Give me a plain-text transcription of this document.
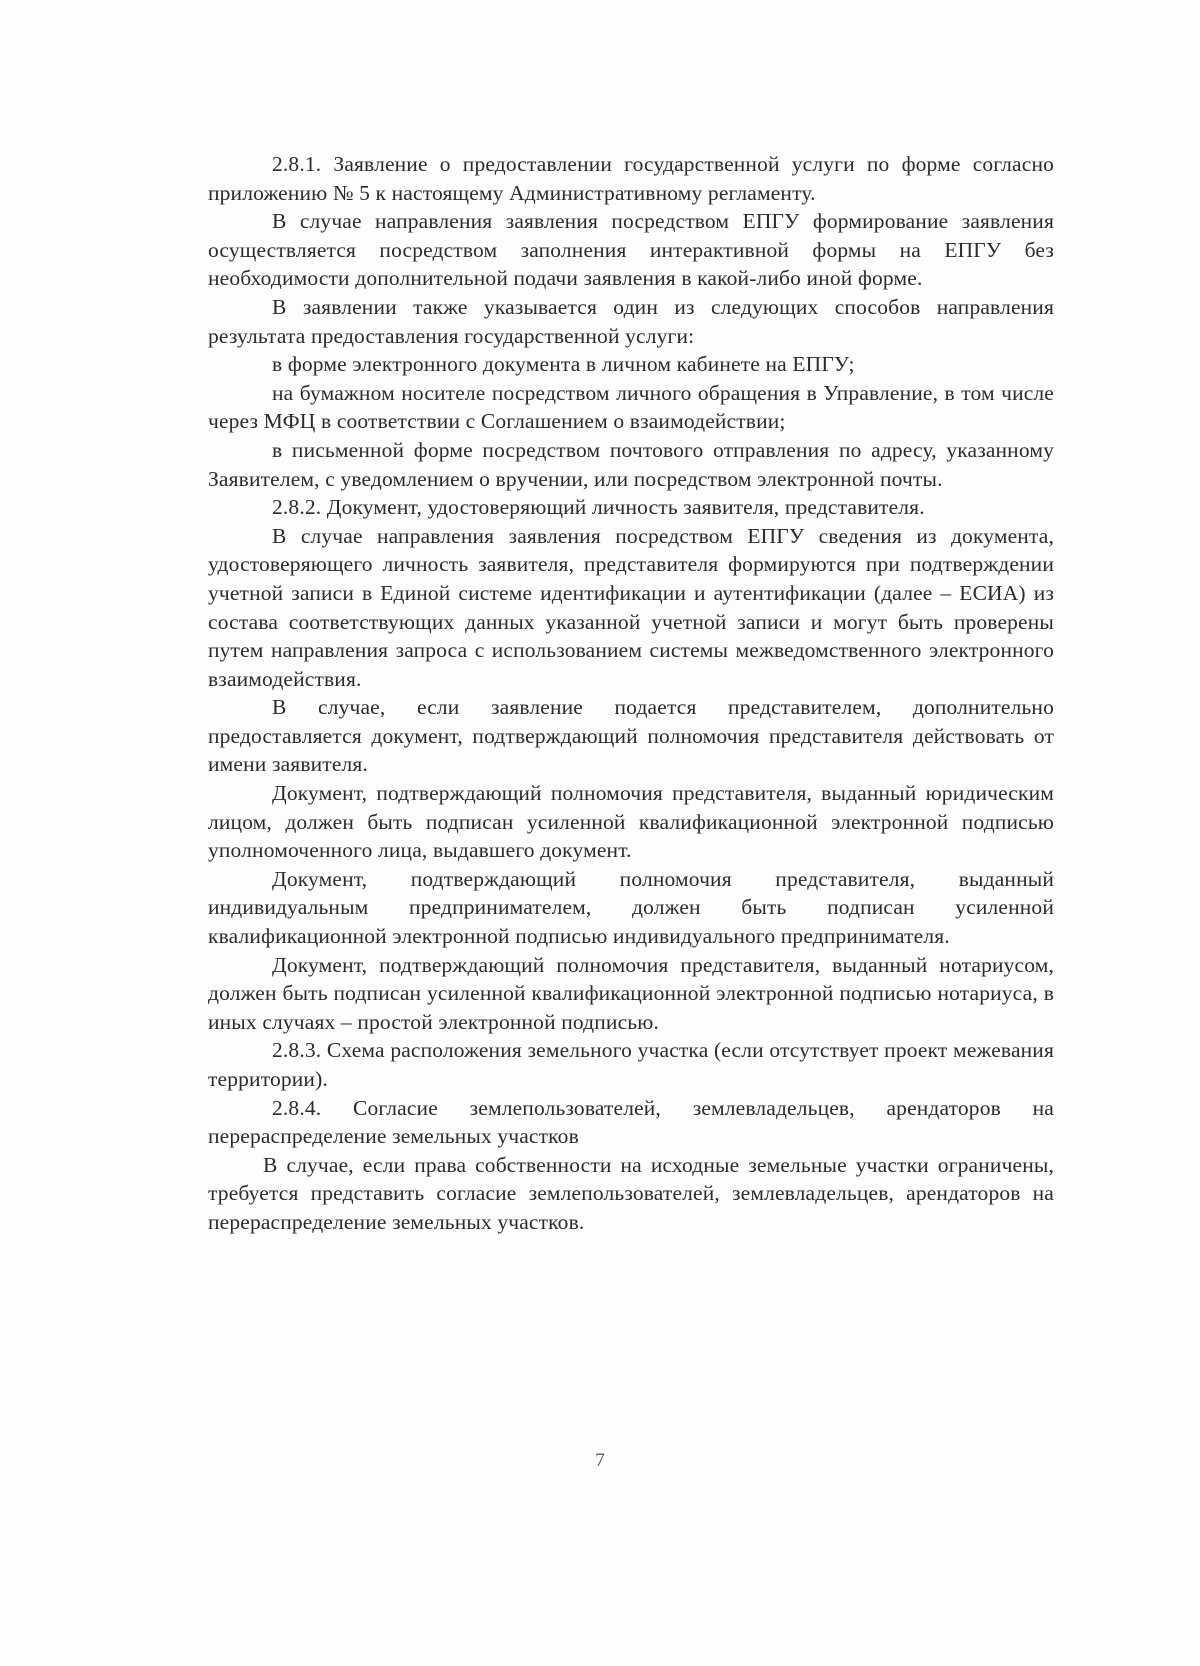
2.8.1. Заявление о предоставлении государственной услуги по форме согласно приложению № 5 к настоящему Административному регламенту.

В случае направления заявления посредством ЕПГУ формирование заявления осуществляется посредством заполнения интерактивной формы на ЕПГУ без необходимости дополнительной подачи заявления в какой-либо иной форме.

В заявлении также указывается один из следующих способов направления результата предоставления государственной услуги:

в форме электронного документа в личном кабинете на ЕПГУ;

на бумажном носителе посредством личного обращения в Управление, в том числе через МФЦ в соответствии с Соглашением о взаимодействии;

в письменной форме посредством почтового отправления по адресу, указанному Заявителем, с уведомлением о вручении, или посредством электронной почты.

2.8.2. Документ, удостоверяющий личность заявителя, представителя.

В случае направления заявления посредством ЕПГУ сведения из документа, удостоверяющего личность заявителя, представителя формируются при подтверждении учетной записи в Единой системе идентификации и аутентификации (далее – ЕСИА) из состава соответствующих данных указанной учетной записи и могут быть проверены путем направления запроса с использованием системы межведомственного электронного взаимодействия.

В случае, если заявление подается представителем, дополнительно предоставляется документ, подтверждающий полномочия представителя действовать от имени заявителя.

Документ, подтверждающий полномочия представителя, выданный юридическим лицом, должен быть подписан усиленной квалификационной электронной подписью уполномоченного лица, выдавшего документ.

Документ, подтверждающий полномочия представителя, выданный индивидуальным предпринимателем, должен быть подписан усиленной квалификационной электронной подписью индивидуального предпринимателя.

Документ, подтверждающий полномочия представителя, выданный нотариусом, должен быть подписан усиленной квалификационной электронной подписью нотариуса, в иных случаях – простой электронной подписью.

2.8.3. Схема расположения земельного участка (если отсутствует проект межевания территории).

2.8.4. Согласие землепользователей, землевладельцев, арендаторов на перераспределение земельных участков

В случае, если права собственности на исходные земельные участки ограничены, требуется представить согласие землепользователей, землевладельцев, арендаторов на перераспределение земельных участков.

7
